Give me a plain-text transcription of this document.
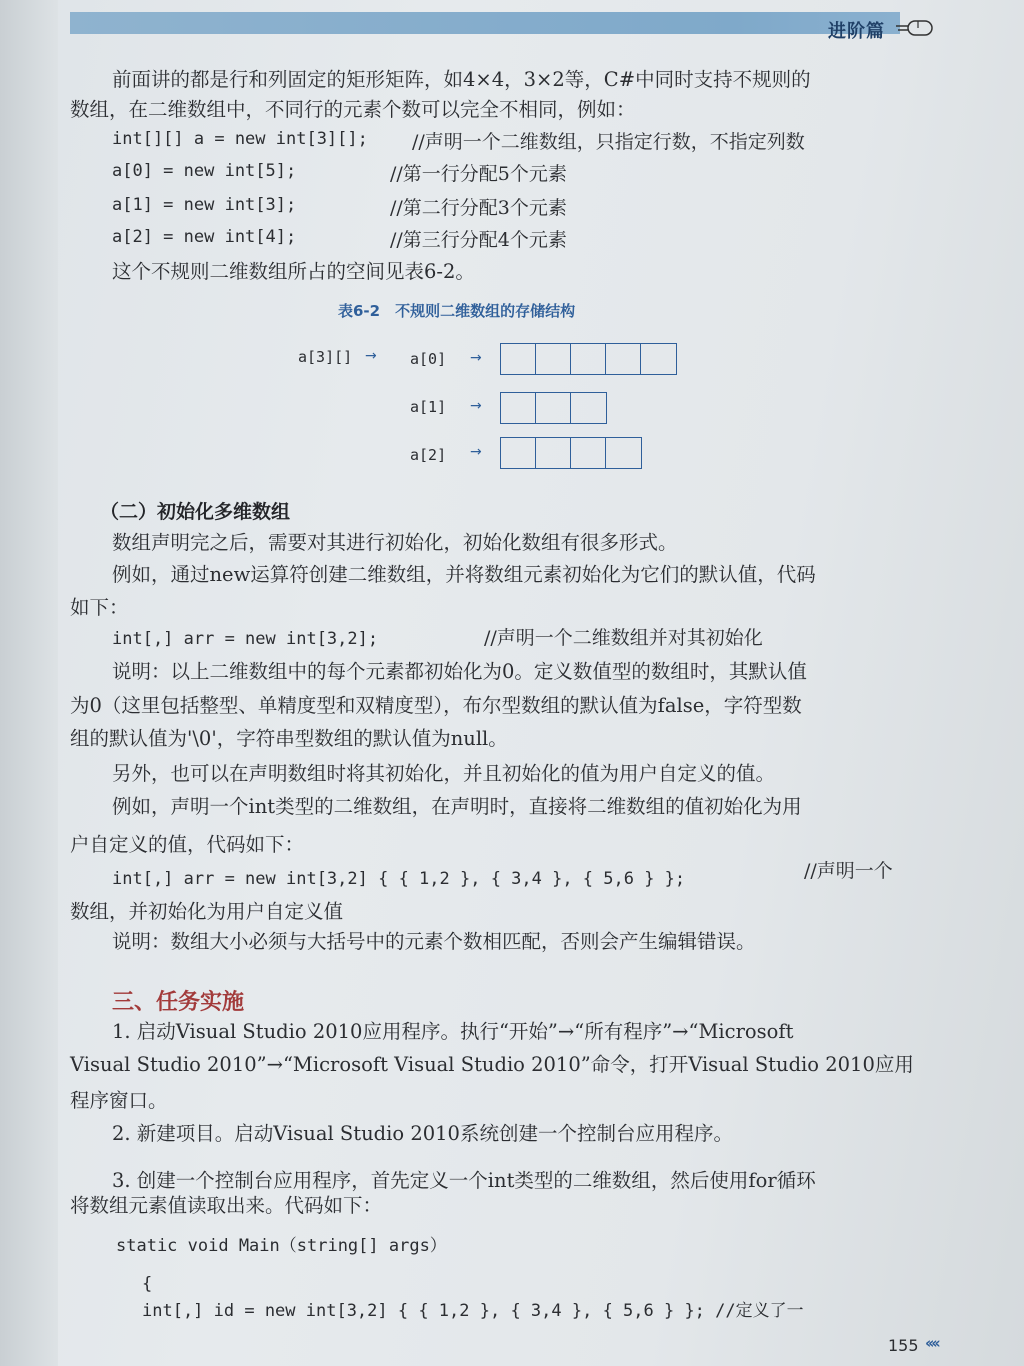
进阶篇
前面讲的都是行和列固定的矩形矩阵，如4×4，3×2等，C#中同时支持不规则的
数组，在二维数组中，不同行的元素个数可以完全不相同，例如：
int[][] a = new int[3][]; //声明一个二维数组，只指定行数，不指定列数
a[0] = new int[5];	//第一行分配5个元素
a[1] = new int[3];	//第二行分配3个元素
a[2] = new int[4];	//第三行分配4个元素
这个不规则二维数组所占的空间见表6-2。
表6-2　不规则二维数组的存储结构
a[3][] → a[0] →
a[1] →
a[2] →
（二）初始化多维数组
数组声明完之后，需要对其进行初始化，初始化数组有很多形式。
例如，通过new运算符创建二维数组，并将数组元素初始化为它们的默认值，代码
如下：
int[,] arr = new int[3,2];	//声明一个二维数组并对其初始化
说明：以上二维数组中的每个元素都初始化为0。定义数值型的数组时，其默认值
为0（这里包括整型、单精度型和双精度型），布尔型数组的默认值为false，字符型数
组的默认值为'\0'，字符串型数组的默认值为null。
另外，也可以在声明数组时将其初始化，并且初始化的值为用户自定义的值。
例如，声明一个int类型的二维数组，在声明时，直接将二维数组的值初始化为用
户自定义的值，代码如下：
int[,] arr = new int[3,2] { { 1,2 }, { 3,4 }, { 5,6 } };	//声明一个
数组，并初始化为用户自定义值
说明：数组大小必须与大括号中的元素个数相匹配，否则会产生编辑错误。
三、任务实施
1. 启动Visual Studio 2010应用程序。执行“开始”→“所有程序”→“Microsoft
Visual Studio 2010”→“Microsoft Visual Studio 2010”命令，打开Visual Studio 2010应用
程序窗口。
2. 新建项目。启动Visual Studio 2010系统创建一个控制台应用程序。
3. 创建一个控制台应用程序，首先定义一个int类型的二维数组，然后使用for循环
将数组元素值读取出来。代码如下：
static void Main（string[] args）
{
int[,] id = new int[3,2] { { 1,2 }, { 3,4 }, { 5,6 } }; //定义了一
155 ‹‹‹‹
